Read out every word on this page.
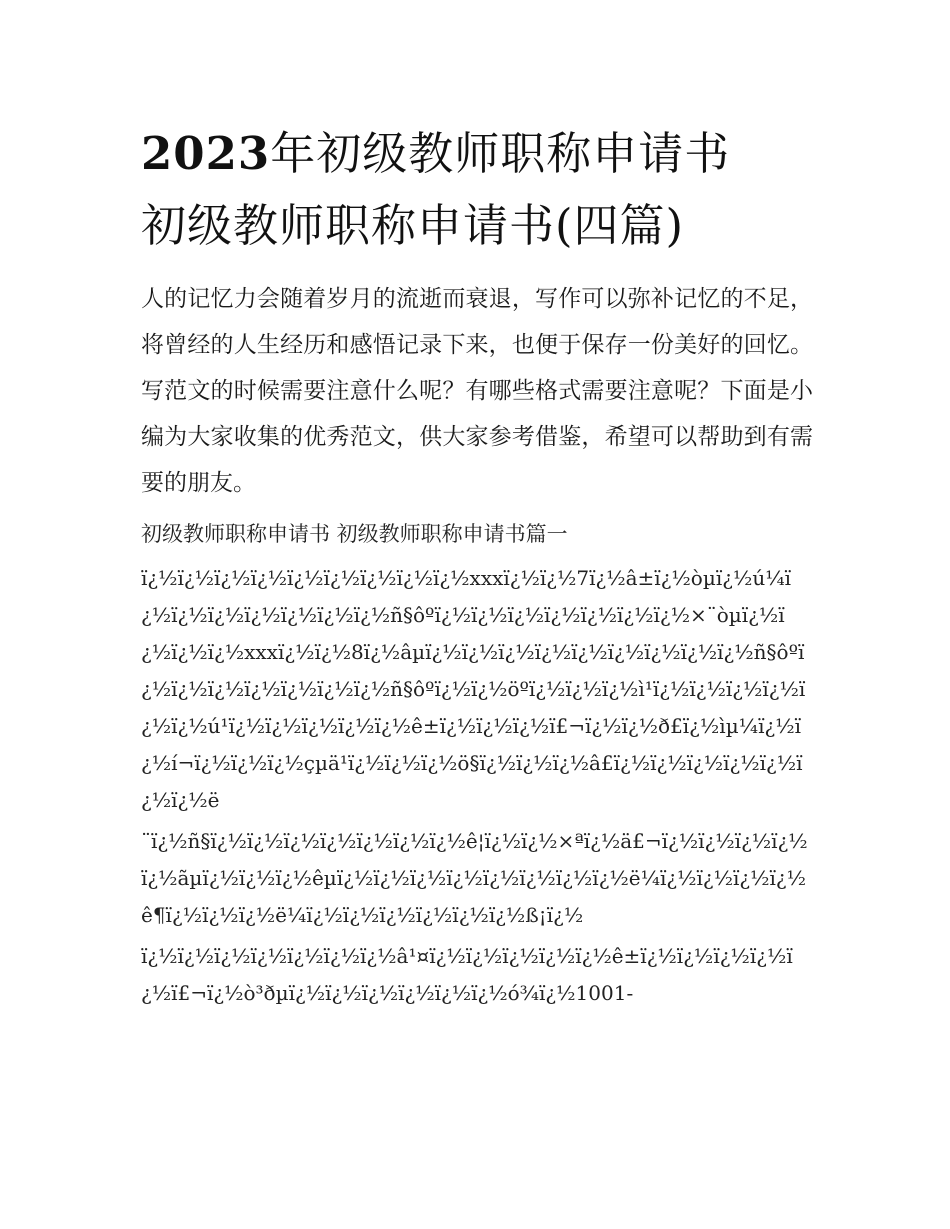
2023年初级教师职称申请书
初级教师职称申请书(四篇)

人的记忆力会随着岁月的流逝而衰退，写作可以弥补记忆的不足，将曾经的人生经历和感悟记录下来，也便于保存一份美好的回忆。写范文的时候需要注意什么呢？有哪些格式需要注意呢？下面是小编为大家收集的优秀范文，供大家参考借鉴，希望可以帮助到有需要的朋友。

初级教师职称申请书 初级教师职称申请书篇一

ï¿½ï¿½ï¿½ï¿½ï¿½ï¿½ï¿½ï¿½ï¿½xxxï¿½ï¿½7ï¿½â±ï¿½òµï¿½ú¼ï¿½ï¿½ï¿½ï¿½ï¿½ï¿½ï¿½ñ§ôºï¿½ï¿½ï¿½ï¿½ï¿½ï¿½ï¿½×¨òµï¿½ï¿½ï¿½ï¿½xxxï¿½ï¿½8ï¿½âµï¿½ï¿½ï¿½ï¿½ï¿½ï¿½ï¿½ï¿½ï¿½ñ§ôºï¿½ï¿½ï¿½ï¿½ï¿½ï¿½ï¿½ñ§ôºï¿½ï¿½öºï¿½ï¿½ï¿½ì¹ï¿½ï¿½ï¿½ï¿½ï¿½ï¿½ú¹ï¿½ï¿½ï¿½ï¿½ï¿½ê±ï¿½ï¿½ï¿½ï£¬ï¿½ï¿½ð£ï¿½ìµ¼ï¿½ï¿½í¬ï¿½ï¿½ï¿½çµä¹ï¿½ï¿½ï¿½ö§ï¿½ï¿½ï¿½â£ï¿½ï¿½ï¿½ï¿½ï¿½ï¿½ï¿½ë

¨ï¿½ñ§ï¿½ï¿½ï¿½ï¿½ï¿½ï¿½ï¿½ê¦ï¿½ï¿½×ªï¿½ä£¬ï¿½ï¿½ï¿½ï¿½ï¿½ãµï¿½ï¿½ï¿½êµï¿½ï¿½ï¿½ï¿½ï¿½ï¿½ï¿½ï¿½ë¼ï¿½ï¿½ï¿½ï¿½ê¶ï¿½ï¿½ï¿½ë¼ï¿½ï¿½ï¿½ï¿½ï¿½ï¿½ß¡ï¿½

ï¿½ï¿½ï¿½ï¿½ï¿½ï¿½ï¿½â¹¤ï¿½ï¿½ï¿½ï¿½ï¿½ê±ï¿½ï¿½ï¿½ï¿½ï¿½ï£¬ï¿½ò³ðµï¿½ï¿½ï¿½ï¿½ï¿½ï¿½ó¾ï¿½1001-
